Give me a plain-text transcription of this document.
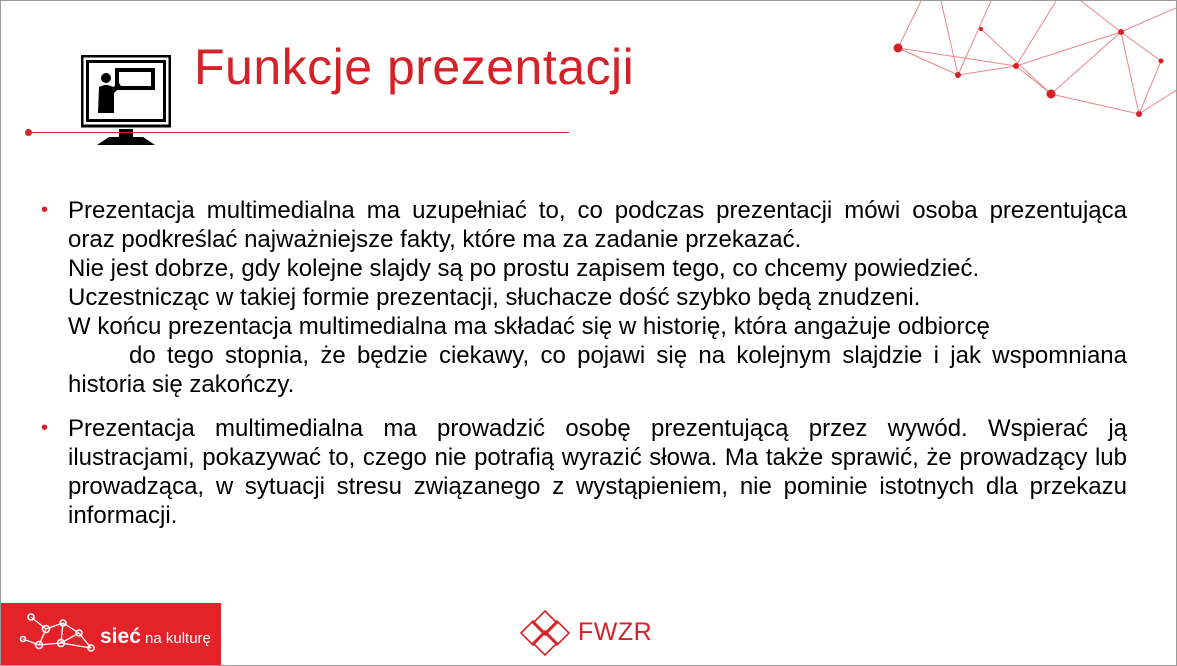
Funkcje prezentacji
• Prezentacja multimedialna ma uzupełniać to, co podczas prezentacji mówi osoba prezentująca oraz podkreślać najważniejsze fakty, które ma za zadanie przekazać.
Nie jest dobrze, gdy kolejne slajdy są po prostu zapisem tego, co chcemy powiedzieć.
Uczestnicząc w takiej formie prezentacji, słuchacze dość szybko będą znudzeni.
W końcu prezentacja multimedialna ma składać się w historię, która angażuje odbiorcę
do tego stopnia, że będzie ciekawy, co pojawi się na kolejnym slajdzie i jak wspomniana historia się zakończy.
• Prezentacja multimedialna ma prowadzić osobę prezentującą przez wywód. Wspierać ją ilustracjami, pokazywać to, czego nie potrafią wyrazić słowa. Ma także sprawić, że prowadzący lub prowadząca, w sytuacji stresu związanego z wystąpieniem, nie pominie istotnych dla przekazu informacji.
sieć na kulturę	FWZR
